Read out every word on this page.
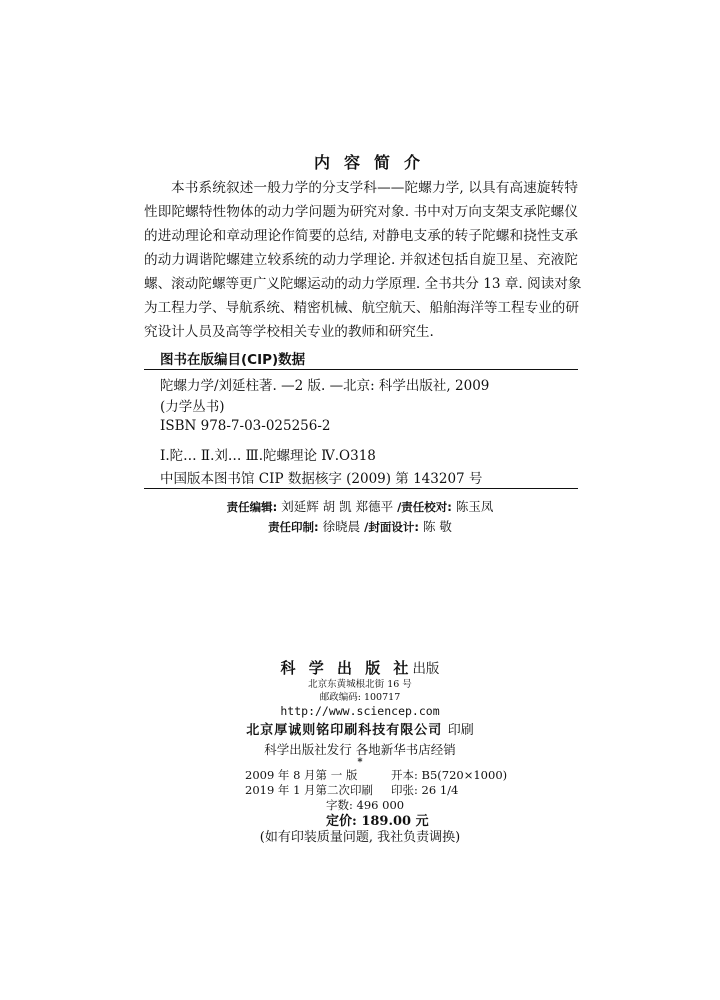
内容简介
本书系统叙述一般力学的分支学科——陀螺力学, 以具有高速旋转特
性即陀螺特性物体的动力学问题为研究对象. 书中对万向支架支承陀螺仪
的进动理论和章动理论作简要的总结, 对静电支承的转子陀螺和挠性支承
的动力调谐陀螺建立较系统的动力学理论. 并叙述包括自旋卫星、充液陀
螺、滚动陀螺等更广义陀螺运动的动力学原理. 全书共分 13 章. 阅读对象
为工程力学、导航系统、精密机械、航空航天、船舶海洋等工程专业的研
究设计人员及高等学校相关专业的教师和研究生.
图书在版编目(CIP)数据
陀螺力学/刘延柱著. —2 版. —北京: 科学出版社, 2009
(力学丛书)
ISBN 978-7-03-025256-2
Ⅰ.陀… Ⅱ.刘… Ⅲ.陀螺理论 Ⅳ.O318
中国版本图书馆 CIP 数据核字 (2009) 第 143207 号
责任编辑: 刘延辉 胡 凯 郑德平 /责任校对: 陈玉凤
责任印制: 徐晓晨 /封面设计: 陈 敬
科 学 出 版 社出版
北京东黄城根北街 16 号
邮政编码: 100717
http://www.sciencep.com
北京厚诚则铭印刷科技有限公司 印刷
科学出版社发行 各地新华书店经销
*
2009 年 8 月第 一 版	开本: B5(720×1000)
2019 年 1 月第二次印刷 印张: 26 1/4
字数: 496 000
定价: 189.00 元
(如有印装质量问题, 我社负责调换)
